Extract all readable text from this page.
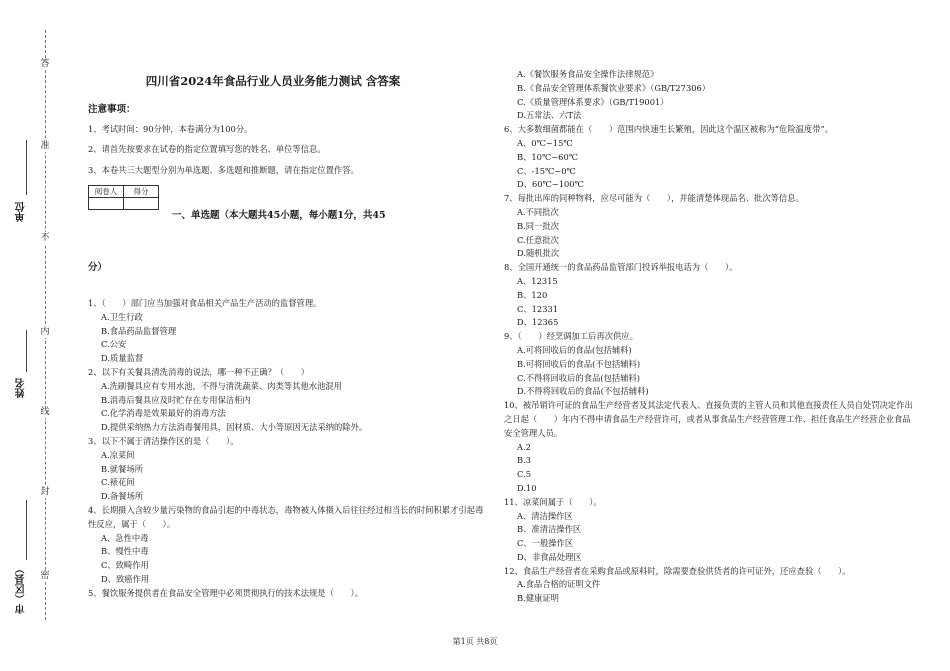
答
准
不
内
线
封
密
单位
姓名
市（区县）
四川省2024年食品行业人员业务能力测试 含答案
注意事项：

1、考试时间：90分钟，本卷满分为100分。

2、请首先按要求在试卷的指定位置填写您的姓名、单位等信息。

3、本卷共三大题型分别为单选题、多选题和推断题，请在指定位置作答。

阅卷人	得分

一、单选题（本大题共45小题，每小题1分，共45
分）

1、（　　）部门应当加强对食品相关产品生产活动的监督管理。

A.卫生行政

B.食品药品监督管理

C.公安

D.质量监督

2、以下有关餐具清洗消毒的说法，哪一种不正确？（　　）

A.洗刷餐具应有专用水池，不得与清洗蔬菜、肉类等其他水池混用

B.消毒后餐具应及时贮存在专用保洁柜内

C.化学消毒是效果最好的消毒方法

D.提供采纳热力方法消毒餐用具，因材质、大小等原因无法采纳的除外。

3、以下不属于清洁操作区的是（　　）。

A.凉菜间

B.就餐场所

C.裱花间

D.备餐场所

4、长期摄入含较少量污染物的食品引起的中毒状态，毒物被人体摄入后往往经过相当长的时间积累才引起毒性反应，属于（　　）。

A、急性中毒

B、慢性中毒

C、致畸作用

D、致癌作用

5、餐饮服务提供者在食品安全管理中必须贯彻执行的技术法规是（　　）。

A.《餐饮服务食品安全操作法律规范》

B.《食品安全管理体系餐饮业要求》（GB/T27306）

C.《质量管理体系要求》（GB/T19001）

D.五常法、六T法

6、大多数细菌都能在（　　）范围内快速生长繁殖，因此这个温区被称为“危险温度带”。

A、0℃~15℃

B、10℃~60℃

C、-15℃~0℃

D、60℃~100℃

7、每批出库的同种物料，应尽可能为（　　），并能清楚体现品名、批次等信息。

A.不同批次

B.同一批次

C.任意批次

D.随机批次

8、全国开通统一的食品药品监管部门投诉举报电话为（　　）。

A、12315

B、120

C、12331

D、12365

9、（　　）经烹调加工后再次供应。

A.可将回收后的食品(包括辅料)

B.可将回收后的食品(不包括辅料)

C.不得将回收后的食品(包括辅料)

D.不得将回收后的食品(不包括辅料)

10、被吊销许可证的食品生产经营者及其法定代表人、直接负责的主管人员和其他直接责任人员自处罚决定作出之日起（　　）年内不得申请食品生产经营许可，或者从事食品生产经营管理工作、担任食品生产经营企业食品安全管理人员。

A.2

B.3

C.5

D.10

11、凉菜间属于（　　）。

A、清洁操作区

B、准清洁操作区

C、一般操作区

D、非食品处理区

12、食品生产经营者在采购食品或原料时，除需要查验供货者的许可证外，还应查验（　　）。

A.食品合格的证明文件

B.健康证明

第1页 共8页
